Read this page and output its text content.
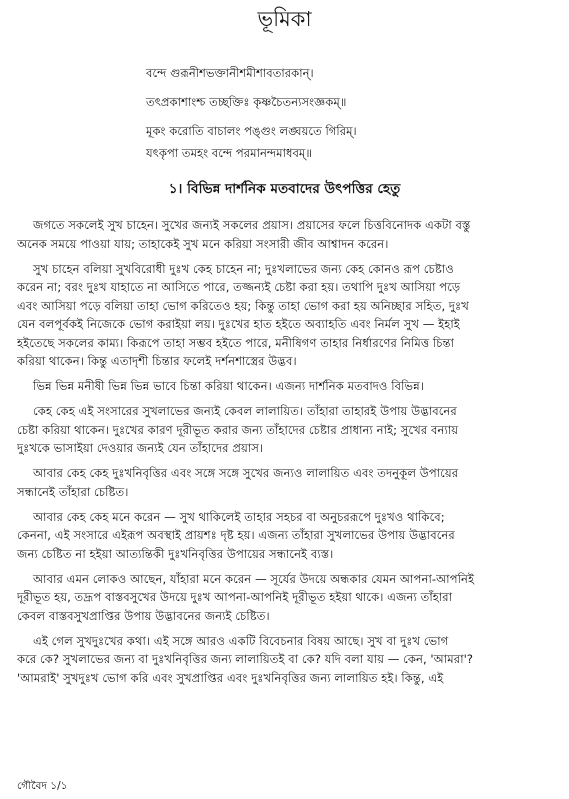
ভূমিকা
বন্দে গুরূনীশভক্তানীশমীশাবতারকান্।
তৎপ্রকাশাংশ্চ তচ্ছক্তিঃ কৃষ্ণচৈতন্যসংজ্ঞকম্॥
মূকং করোতি বাচালং পঙ্গুং লঙ্ঘয়তে গিরিম্।
যৎকৃপা তমহং বন্দে পরমানন্দমাধবম্॥
১। বিভিন্ন দার্শনিক মতবাদের উৎপত্তির হেতু

জগতে সকলেই সুখ চাহেন। সুখের জন্যই সকলের প্রয়াস। প্রয়াসের ফলে চিত্তবিনোদক একটা বস্তু
অনেক সময়ে পাওয়া যায়; তাহাকেই সুখ মনে করিয়া সংসারী জীব আশ্বাদন করেন।

সুখ চাহেন বলিয়া সুখবিরোধী দুঃখ কেহ চাহেন না; দুঃখলাভের জন্য কেহ কোনও রূপ চেষ্টাও
করেন না; বরং দুঃখ যাহাতে না আসিতে পারে, তজ্জন্যই চেষ্টা করা হয়। তথাপি দুঃখ আসিয়া পড়ে
এবং আসিয়া পড়ে বলিয়া তাহা ভোগ করিতেও হয়; কিন্তু তাহা ভোগ করা হয় অনিচ্ছার সহিত, দুঃখ
যেন বলপূর্বকই নিজেকে ভোগ করাইয়া লয়। দুঃখের হাত হইতে অব্যাহতি এবং নির্মল সুখ — ইহাই
হইতেছে সকলের কাম্য। কিরূপে তাহা সম্ভব হইতে পারে, মনীষিগণ তাহার নির্ধারণের নিমিত্ত চিন্তা
করিয়া থাকেন। কিন্তু এতাদৃশী চিন্তার ফলেই দর্শনশাস্ত্রের উদ্ভব।

ভিন্ন ভিন্ন মনীষী ভিন্ন ভিন্ন ভাবে চিন্তা করিয়া থাকেন। এজন্য দার্শনিক মতবাদও বিভিন্ন।

কেহ কেহ এই সংসারের সুখলাভের জন্যই কেবল লালায়িত। তাঁহারা তাহারই উপায় উদ্ভাবনের
চেষ্টা করিয়া থাকেন। দুঃখের কারণ দূরীভূত করার জন্য তাঁহাদের চেষ্টার প্রাধান্য নাই; সুখের বন্যায়
দুঃখকে ভাসাইয়া দেওয়ার জন্যই যেন তাঁহাদের প্রয়াস।

আবার কেহ কেহ দুঃখনিবৃত্তির এবং সঙ্গে সঙ্গে সুখের জন্যও লালায়িত এবং তদনুকূল উপায়ের
সন্ধানেই তাঁহারা চেষ্টিত।

আবার কেহ কেহ মনে করেন — সুখ থাকিলেই তাহার সহচর বা অনুচররূপে দুঃখও থাকিবে;
কেননা, এই সংসারে এইরূপ অবস্থাই প্রায়শঃ দৃষ্ট হয়। এজন্য তাঁহারা সুখলাভের উপায় উদ্ভাবনের
জন্য চেষ্টিত না হইয়া আত্যন্তিকী দুঃখনিবৃত্তির উপায়ের সন্ধানেই ব্যস্ত।

আবার এমন লোকও আছেন, যাঁহারা মনে করেন — সূর্যের উদয়ে অন্ধকার যেমন আপনা-আপনিই
দূরীভূত হয়, তদ্রূপ বাস্তবসুখের উদয়ে দুঃখ আপনা-আপনিই দূরীভূত হইয়া থাকে। এজন্য তাঁহারা
কেবল বাস্তবসুখপ্রাপ্তির উপায় উদ্ভাবনের জন্যই চেষ্টিত।

এই গেল সুখদুঃখের কথা। এই সঙ্গে আরও একটি বিবেচনার বিষয় আছে। সুখ বা দুঃখ ভোগ
করে কে? সুখলাভের জন্য বা দুঃখনিবৃত্তির জন্য লালায়িতই বা কে? যদি বলা যায় — কেন, 'আমরা'?
'আমরাই' সুখদুঃখ ভোগ করি এবং সুখপ্রাপ্তির এবং দুঃখনিবৃত্তির জন্য লালায়িত হই। কিন্তু, এই

গৌবৈদ ১/১
